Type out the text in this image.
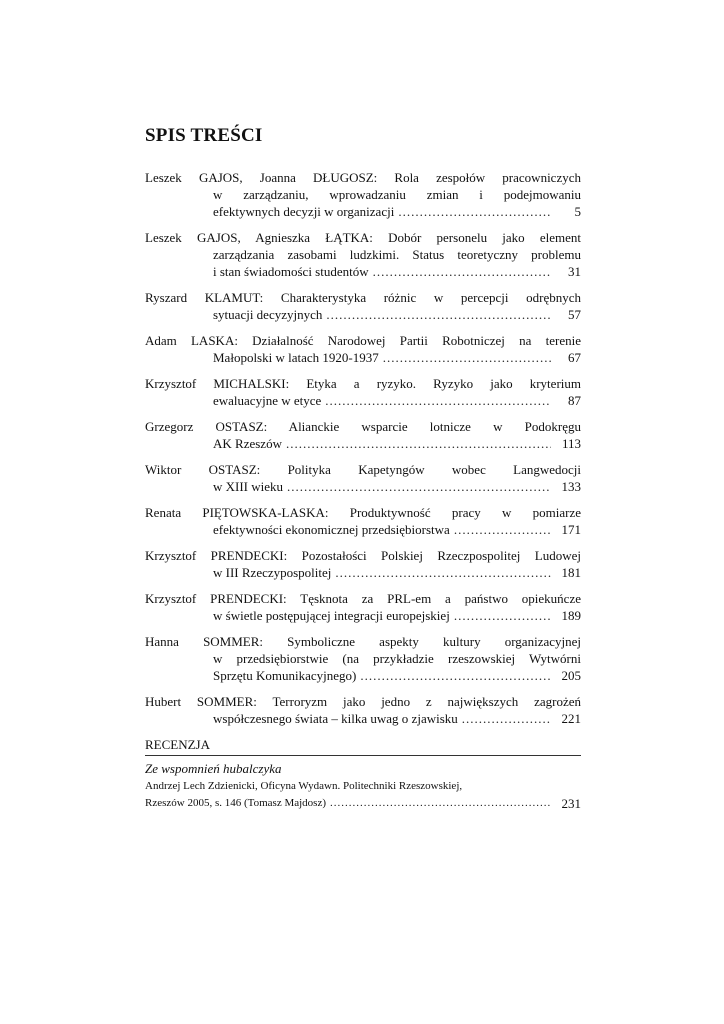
SPIS TREŚCI
Leszek GAJOS, Joanna DŁUGOSZ: Rola zespołów pracowniczych
w zarządzaniu, wprowadzaniu zmian i podejmowaniu
efektywnych decyzji w organizacji .....	5
Leszek GAJOS, Agnieszka ŁĄTKA: Dobór personelu jako element
zarządzania zasobami ludzkimi. Status teoretyczny problemu
i stan świadomości studentów .....	31
Ryszard KLAMUT: Charakterystyka różnic w percepcji odrębnych
sytuacji decyzyjnych .....	57
Adam LASKA: Działalność Narodowej Partii Robotniczej na terenie
Małopolski w latach 1920-1937 .....	67
Krzysztof MICHALSKI: Etyka a ryzyko. Ryzyko jako kryterium
ewaluacyjne w etyce .....	87
Grzegorz OSTASZ: Alianckie wsparcie lotnicze w Podokręgu
AK Rzeszów .....	113
Wiktor OSTASZ: Polityka Kapetyngów wobec Langwedocji
w XIII wieku .....	133
Renata PIĘTOWSKA-LASKA: Produktywność pracy w pomiarze
efektywności ekonomicznej przedsiębiorstwa .....	171
Krzysztof PRENDECKI: Pozostałości Polskiej Rzeczpospolitej Ludowej
w III Rzeczypospolitej .....	181
Krzysztof PRENDECKI: Tęsknota za PRL-em a państwo opiekuńcze
w świetle postępującej integracji europejskiej .....	189
Hanna SOMMER: Symboliczne aspekty kultury organizacyjnej
w przedsiębiorstwie (na przykładzie rzeszowskiej Wytwórni
Sprzętu Komunikacyjnego) .....	205
Hubert SOMMER: Terroryzm jako jedno z największych zagrożeń
współczesnego świata – kilka uwag o zjawisku .....	221
RECENZJA
Ze wspomnień hubalczyka
Andrzej Lech Zdzienicki, Oficyna Wydawn. Politechniki Rzeszowskiej,
Rzeszów 2005, s. 146 (Tomasz Majdosz) .....	231
